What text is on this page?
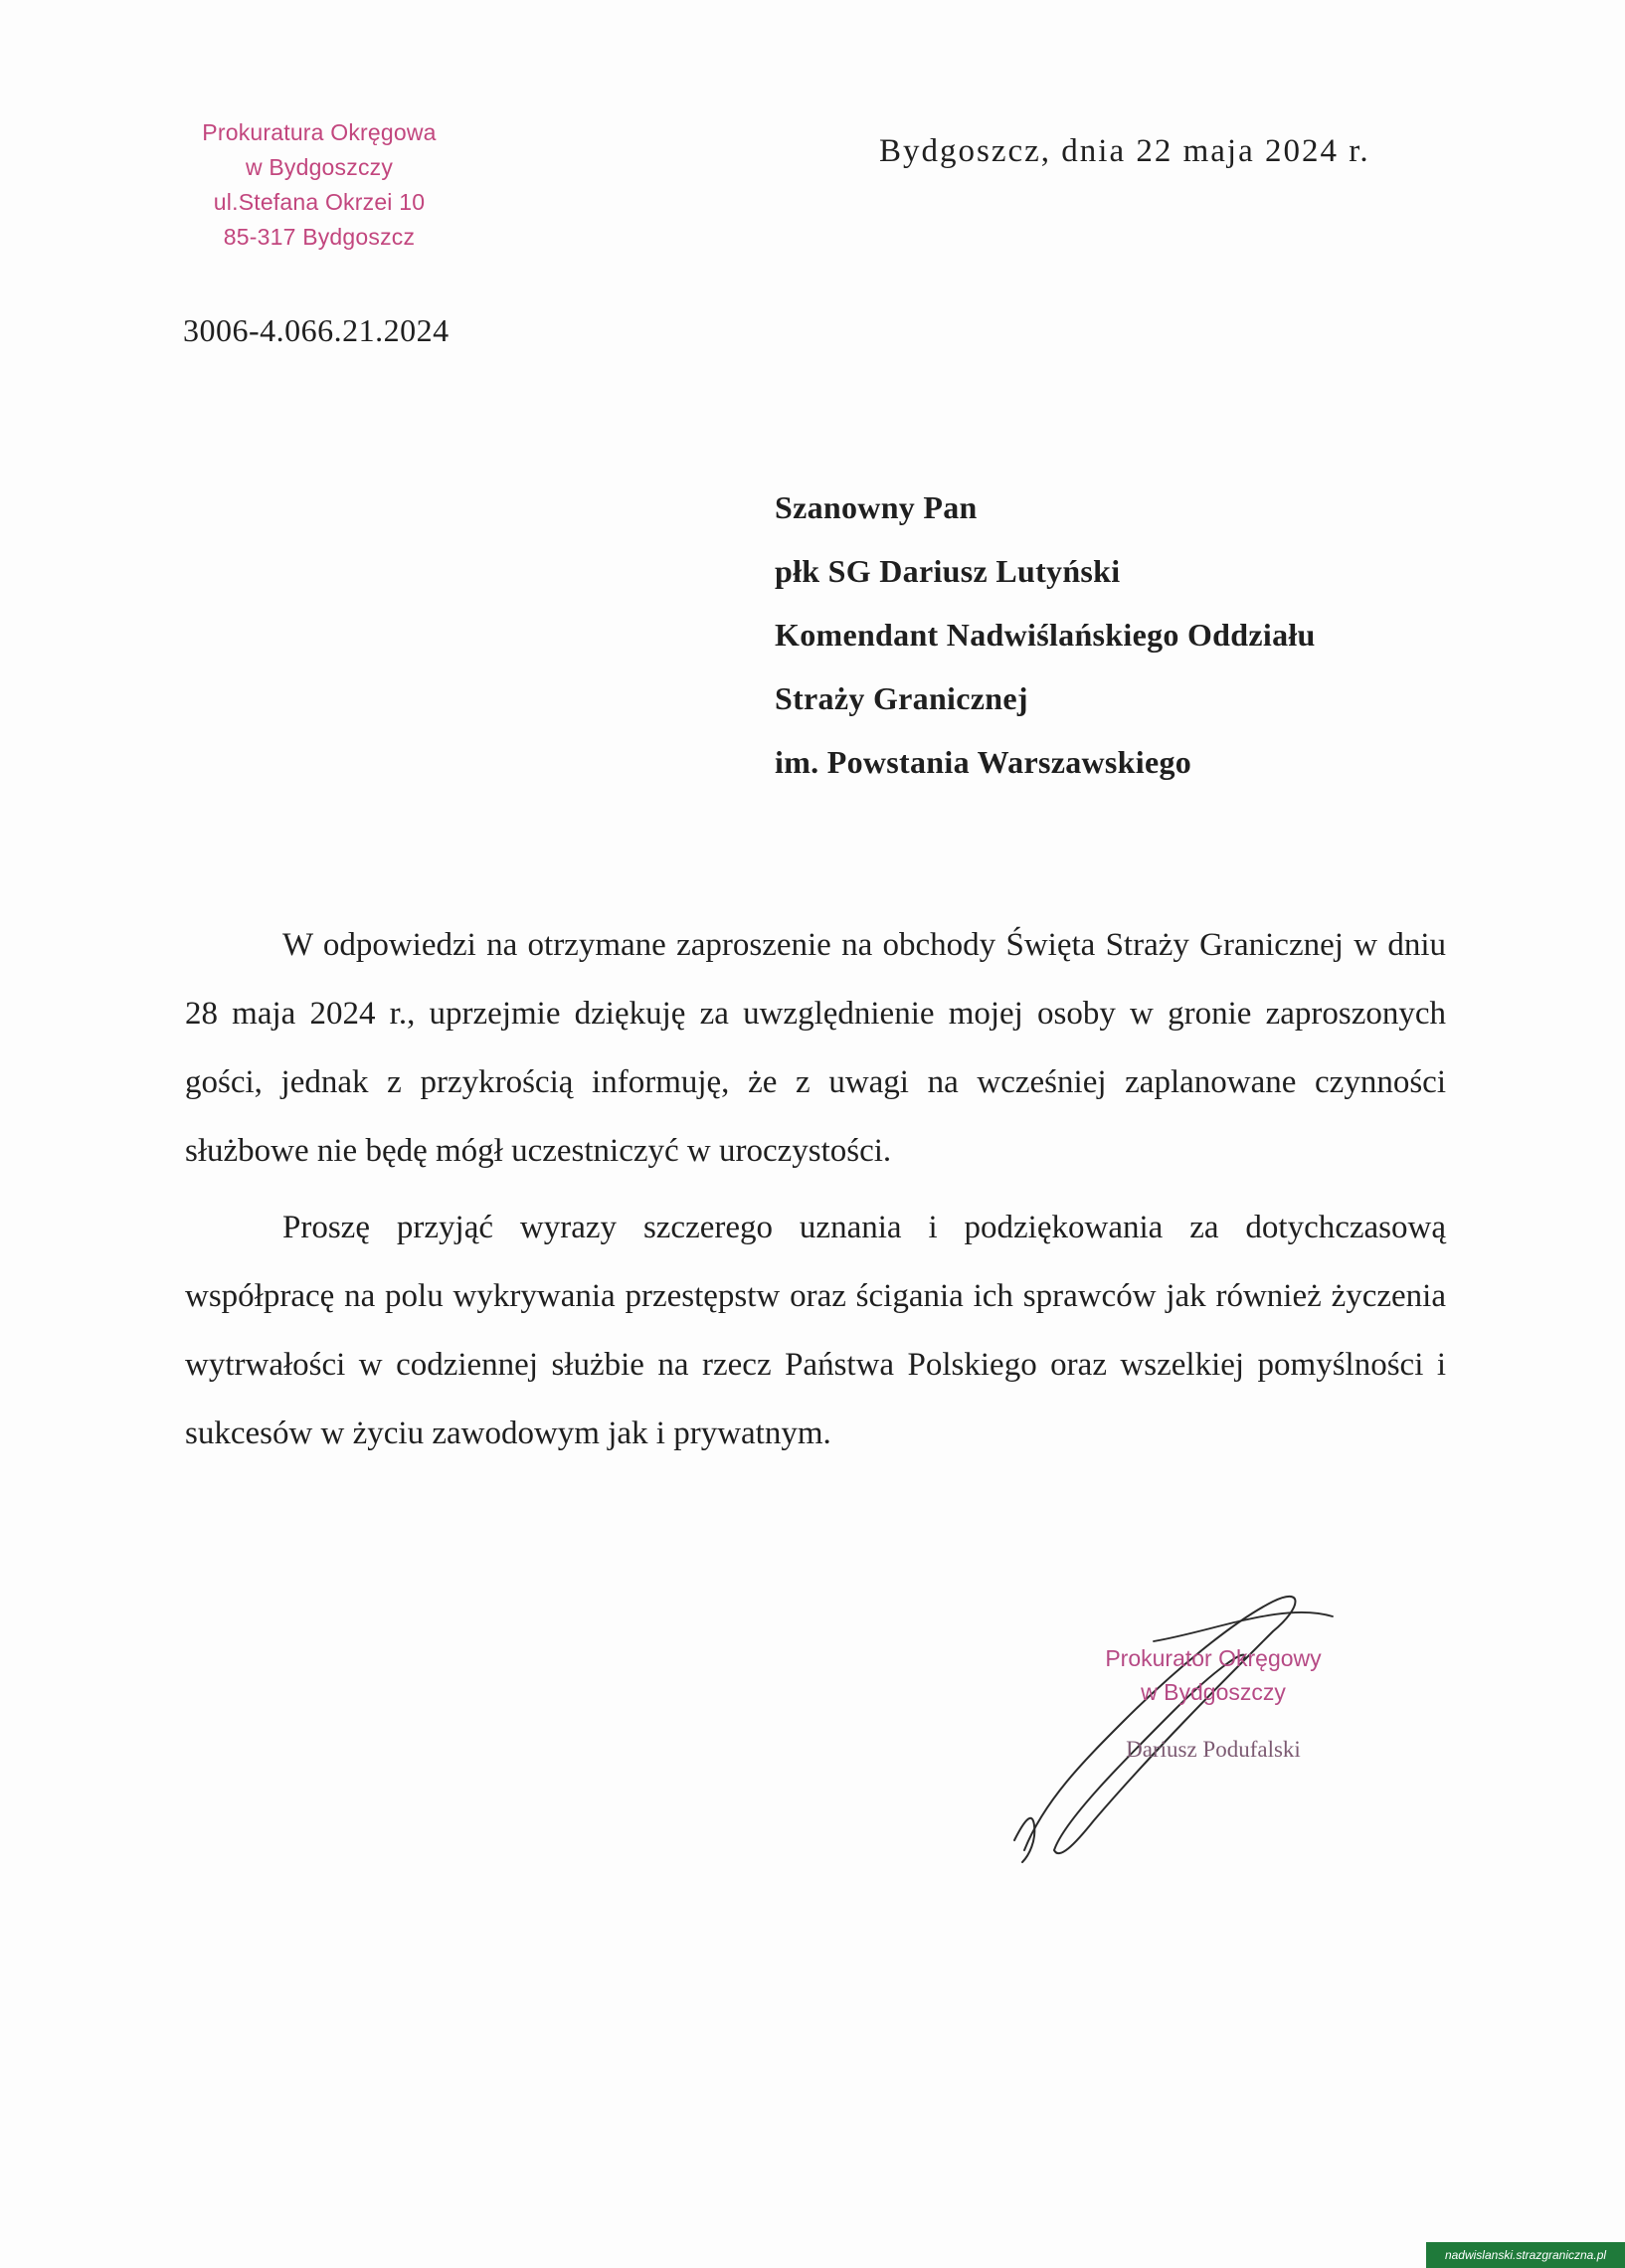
Prokuratura Okręgowa
w Bydgoszczy
ul.Stefana Okrzei 10
85-317 Bydgoszcz
Bydgoszcz, dnia 22 maja 2024 r.
3006-4.066.21.2024
Szanowny Pan
płk SG Dariusz Lutyński
Komendant Nadwiślańskiego Oddziału
Straży Granicznej
im. Powstania Warszawskiego

W odpowiedzi na otrzymane zaproszenie na obchody Święta Straży Granicznej w dniu 28 maja 2024 r., uprzejmie dziękuję za uwzględnienie mojej osoby w gronie zaproszonych gości, jednak z przykrością informuję, że z uwagi na wcześniej zaplanowane czynności służbowe nie będę mógł uczestniczyć w uroczystości.

Proszę przyjąć wyrazy szczerego uznania i podziękowania za dotychczasową współpracę na polu wykrywania przestępstw oraz ścigania ich sprawców jak również życzenia wytrwałości w codziennej służbie na rzecz Państwa Polskiego oraz wszelkiej pomyślności i sukcesów w życiu zawodowym jak i prywatnym.

Prokurator Okręgowy
w Bydgoszczy
Dariusz Podufalski
nadwislanski.strazgraniczna.pl
